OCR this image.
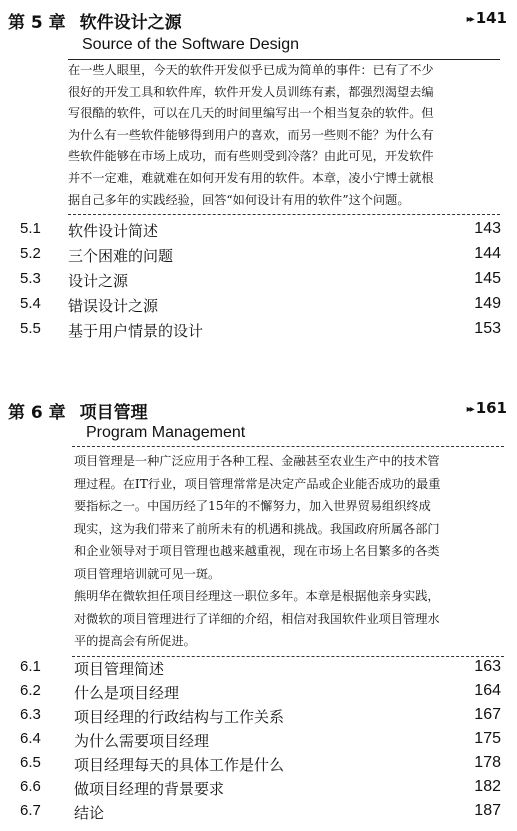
第 5 章 软件设计之源	▸▸ 141
Source of the Software Design

在一些人眼里，今天的软件开发似乎已成为简单的事件：已有了不少

很好的开发工具和软件库，软件开发人员训练有素，都强烈渴望去编

写很酷的软件，可以在几天的时间里编写出一个相当复杂的软件。但

为什么有一些软件能够得到用户的喜欢，而另一些则不能？为什么有

些软件能够在市场上成功，而有些则受到冷落？由此可见，开发软件

并不一定难，难就难在如何开发有用的软件。本章，凌小宁博士就根

据自己多年的实践经验，回答“如何设计有用的软件”这个问题。

5.1 软件设计简述	143
5.2 三个困难的问题	144
5.3 设计之源	145
5.4 错误设计之源	149
5.5 基于用户情景的设计	153
第 6 章 项目管理	▸▸ 161
Program Management

项目管理是一种广泛应用于各种工程、金融甚至农业生产中的技术管

理过程。在IT行业，项目管理常常是决定产品或企业能否成功的最重

要指标之一。中国历经了15年的不懈努力，加入世界贸易组织终成

现实，这为我们带来了前所未有的机遇和挑战。我国政府所属各部门

和企业领导对于项目管理也越来越重视，现在市场上名目繁多的各类

项目管理培训就可见一斑。

熊明华在微软担任项目经理这一职位多年。本章是根据他亲身实践，

对微软的项目管理进行了详细的介绍，相信对我国软件业项目管理水

平的提高会有所促进。

6.1 项目管理简述	163
6.2 什么是项目经理	164
6.3 项目经理的行政结构与工作关系	167
6.4 为什么需要项目经理	175
6.5 项目经理每天的具体工作是什么	178
6.6 做项目经理的背景要求	182
6.7 结论	187
